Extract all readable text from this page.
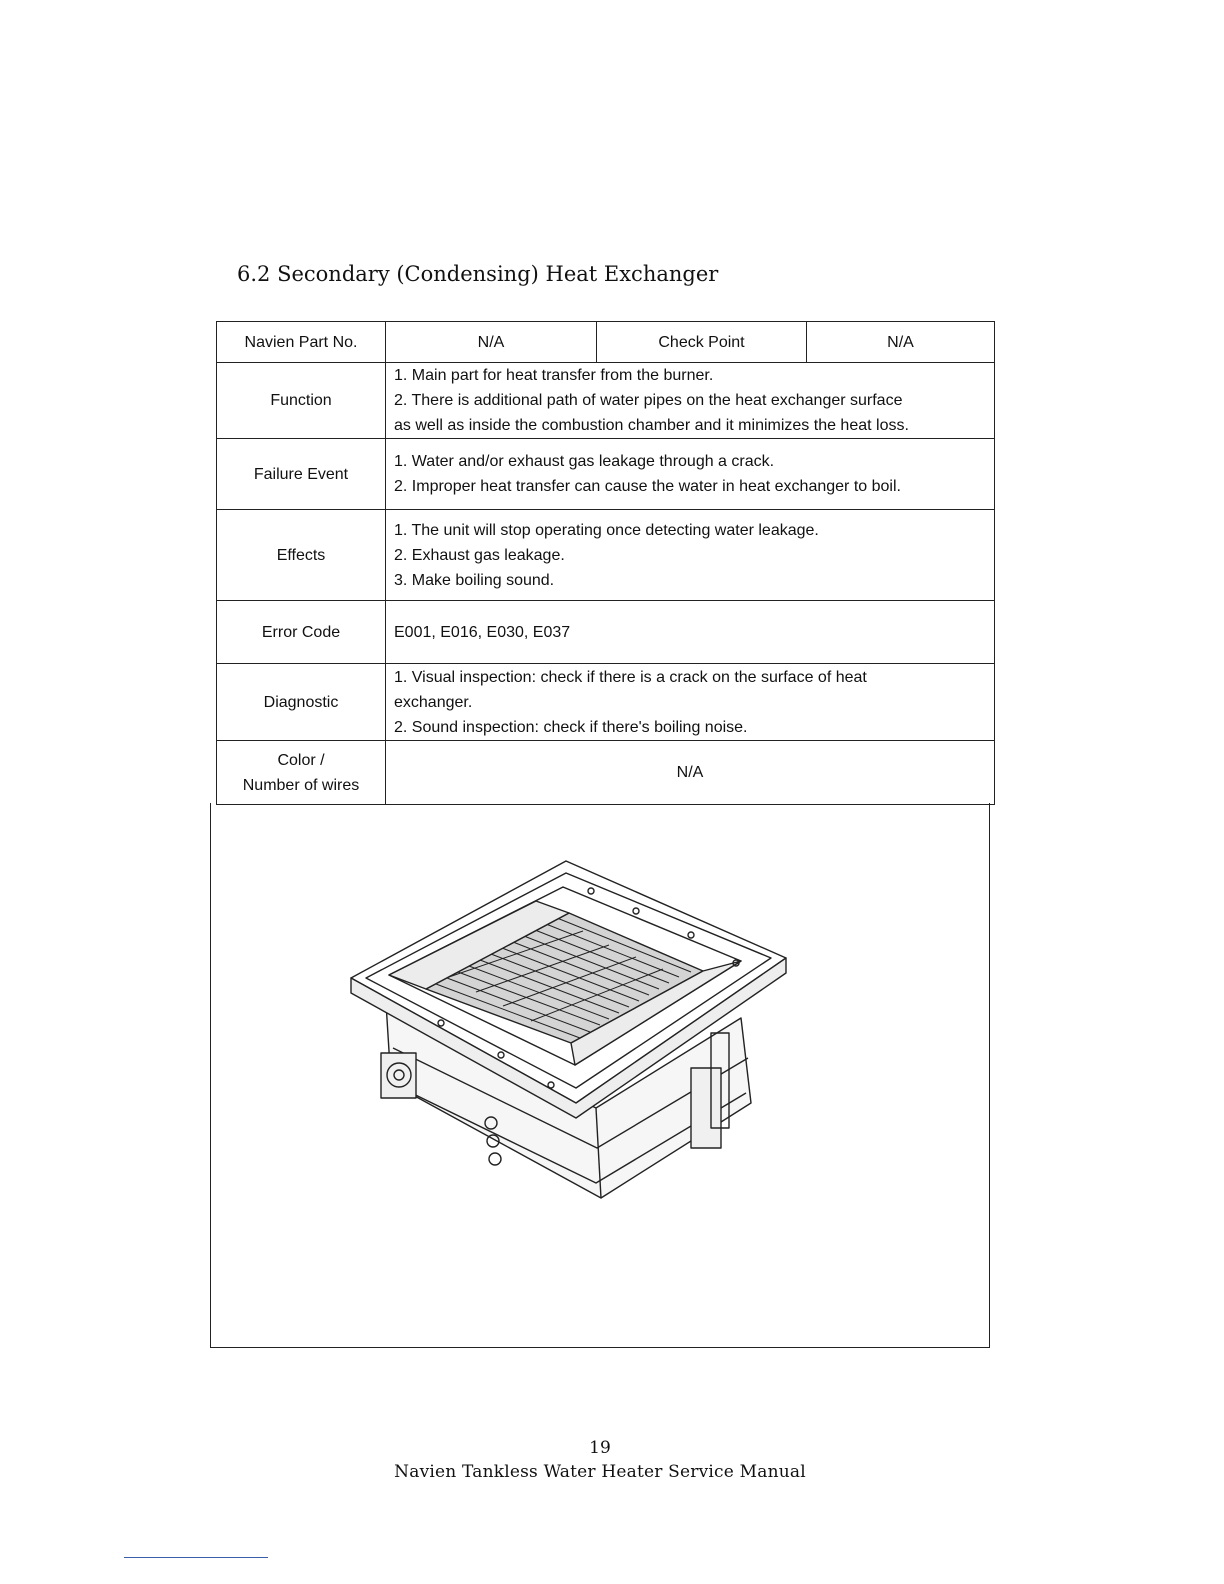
6.2 Secondary (Condensing) Heat Exchanger
Navien Part No.	N/A	Check Point	N/A
Function	1. Main part for heat transfer from the burner.
2. There is additional path of water pipes on the heat exchanger surface
as well as inside the combustion chamber and it minimizes the heat loss.		

Failure Event	1. Water and/or exhaust gas leakage through a crack.
2. Improper heat transfer can cause the water in heat exchanger to boil.		

Effects	1. The unit will stop operating once detecting water leakage.
2. Exhaust gas leakage.
3. Make boiling sound.		

Error Code	E001, E016, E030, E037		
Diagnostic	1. Visual inspection: check if there is a crack on the surface of heat
exchanger.
2. Sound inspection: check if there's boiling noise.		

Color /
Number of wires	N/A		
19
Navien Tankless Water Heater Service Manual
